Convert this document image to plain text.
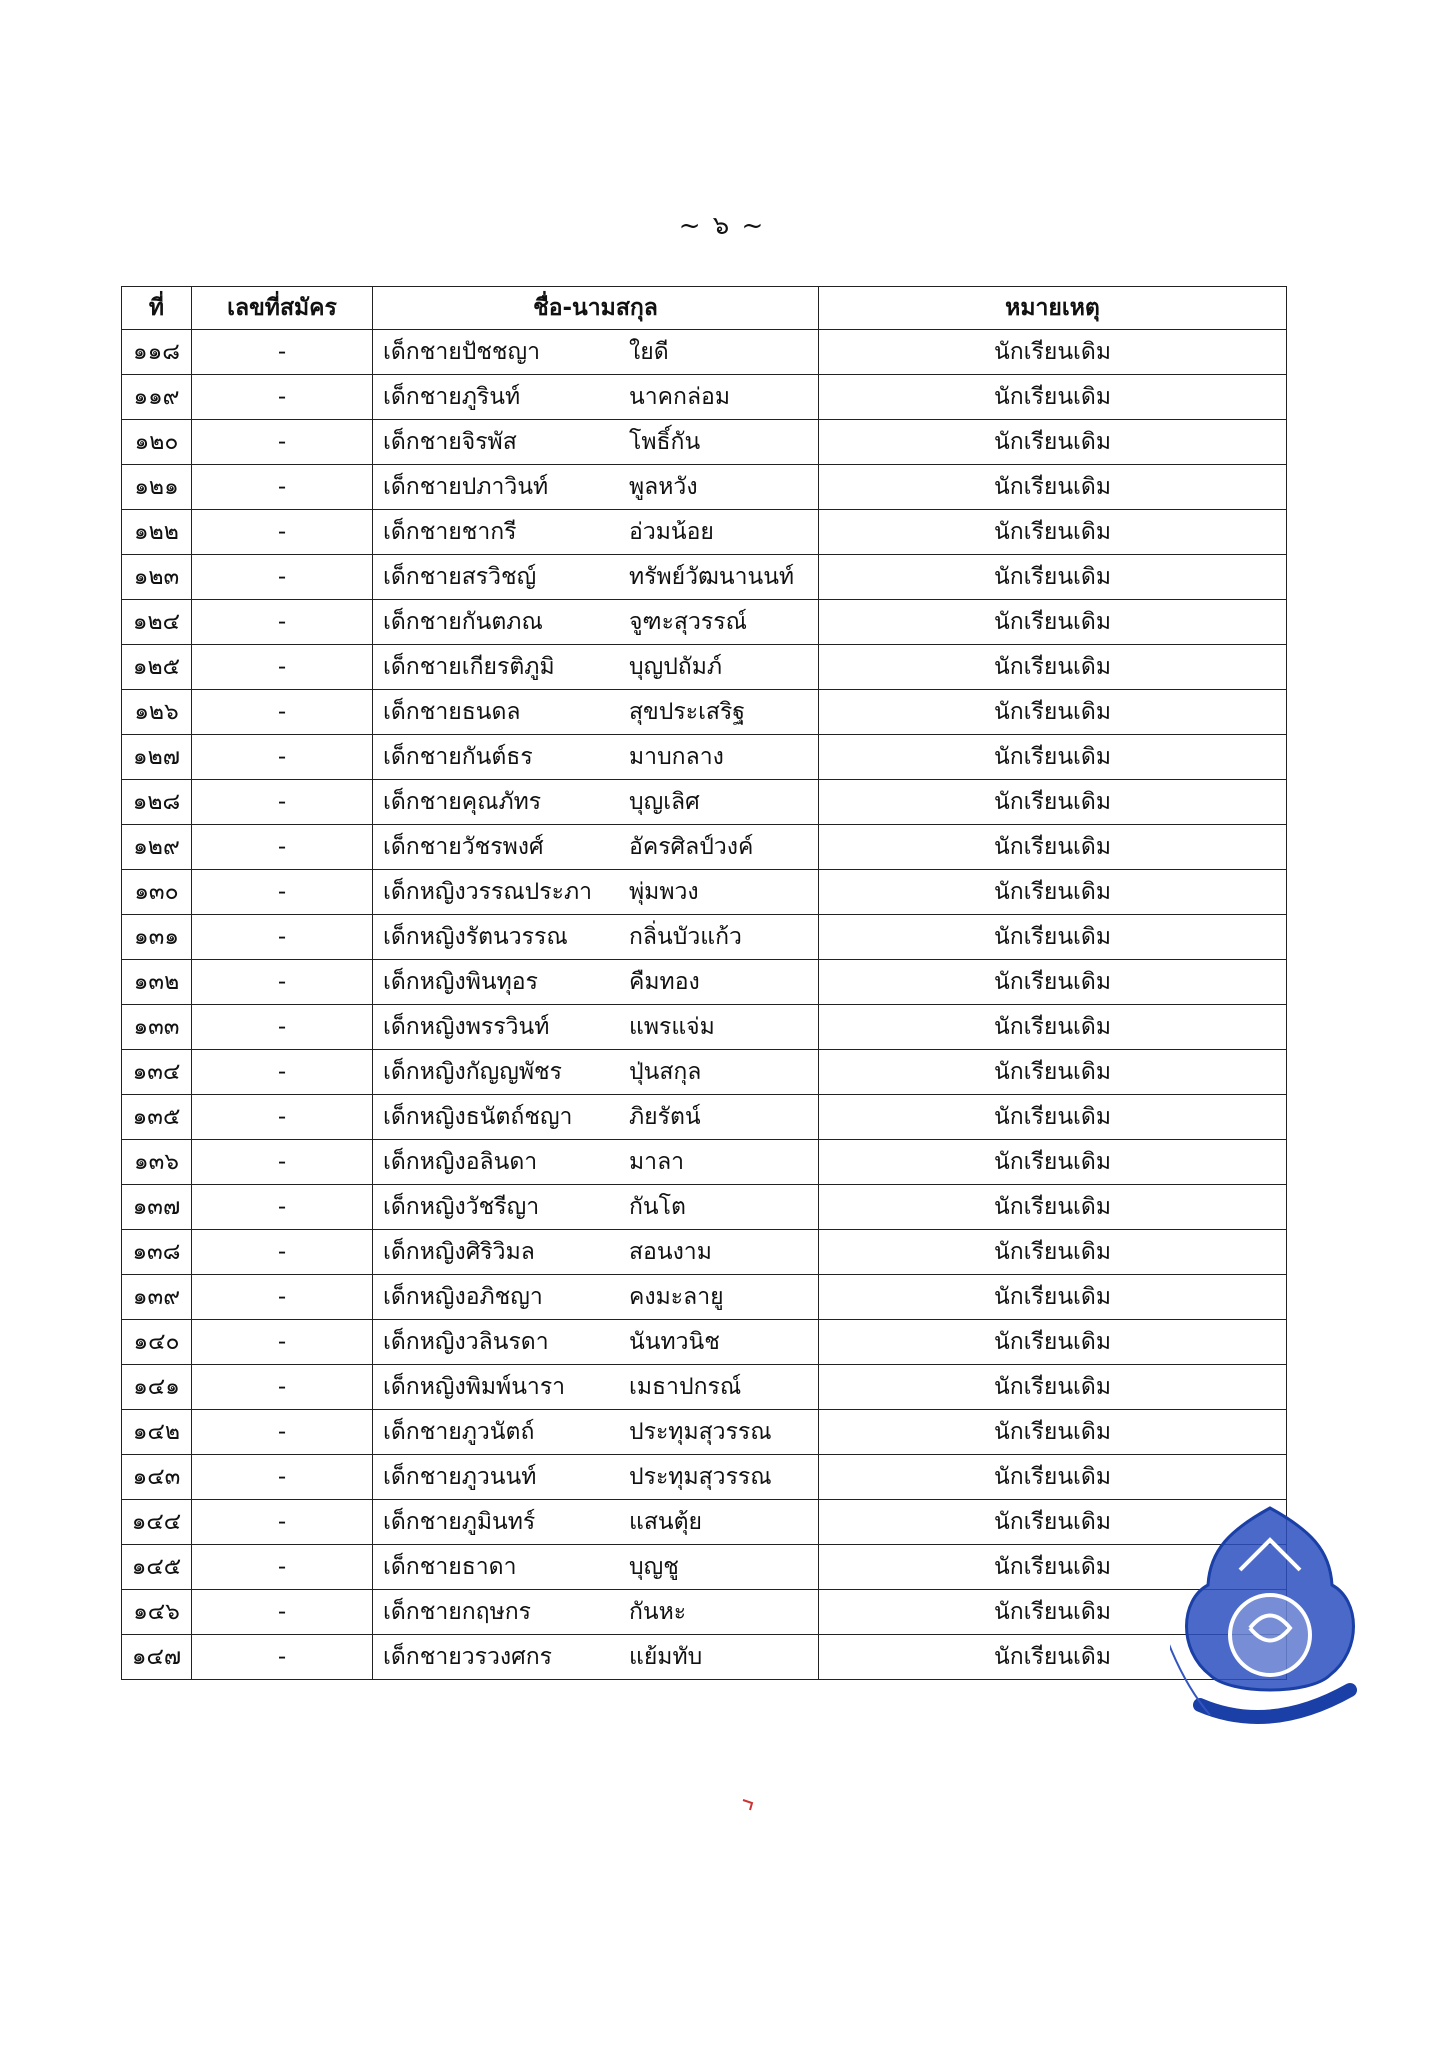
~ ๖ ~
ที่	เลขที่สมัคร	ชื่อ-นามสกุล	หมายเหตุ
๑๑๘	-	เด็กชายปัชชญา ใยดี	นักเรียนเดิม
๑๑๙	-	เด็กชายภูรินท์ นาคกล่อม	นักเรียนเดิม
๑๒๐	-	เด็กชายจิรพัส โพธิ์กัน	นักเรียนเดิม
๑๒๑	-	เด็กชายปภาวินท์ พูลหวัง	นักเรียนเดิม
๑๒๒	-	เด็กชายชากรี อ่วมน้อย	นักเรียนเดิม
๑๒๓	-	เด็กชายสรวิชญ์ ทรัพย์วัฒนานนท์	นักเรียนเดิม
๑๒๔	-	เด็กชายกันตภณ จูฑะสุวรรณ์	นักเรียนเดิม
๑๒๕	-	เด็กชายเกียรติภูมิ บุญปถัมภ์	นักเรียนเดิม
๑๒๖	-	เด็กชายธนดล สุขประเสริฐ	นักเรียนเดิม
๑๒๗	-	เด็กชายกันต์ธร มาบกลาง	นักเรียนเดิม
๑๒๘	-	เด็กชายคุณภัทร บุญเลิศ	นักเรียนเดิม
๑๒๙	-	เด็กชายวัชรพงศ์ อัครศิลป์วงค์	นักเรียนเดิม
๑๓๐	-	เด็กหญิงวรรณประภา พุ่มพวง	นักเรียนเดิม
๑๓๑	-	เด็กหญิงรัตนวรรณ กลิ่นบัวแก้ว	นักเรียนเดิม
๑๓๒	-	เด็กหญิงพินทุอร คืมทอง	นักเรียนเดิม
๑๓๓	-	เด็กหญิงพรรวินท์ แพรแจ่ม	นักเรียนเดิม
๑๓๔	-	เด็กหญิงกัญญพัชร ปุ่นสกุล	นักเรียนเดิม
๑๓๕	-	เด็กหญิงธนัตถ์ชญา ภิยรัตน์	นักเรียนเดิม
๑๓๖	-	เด็กหญิงอลินดา มาลา	นักเรียนเดิม
๑๓๗	-	เด็กหญิงวัชรีญา กันโต	นักเรียนเดิม
๑๓๘	-	เด็กหญิงศิริวิมล สอนงาม	นักเรียนเดิม
๑๓๙	-	เด็กหญิงอภิชญา คงมะลายู	นักเรียนเดิม
๑๔๐	-	เด็กหญิงวลินรดา นันทวนิช	นักเรียนเดิม
๑๔๑	-	เด็กหญิงพิมพ์นารา เมธาปกรณ์	นักเรียนเดิม
๑๔๒	-	เด็กชายภูวนัตถ์ ประทุมสุวรรณ	นักเรียนเดิม
๑๔๓	-	เด็กชายภูวนนท์ ประทุมสุวรรณ	นักเรียนเดิม
๑๔๔	-	เด็กชายภูมินทร์ แสนตุ้ย	นักเรียนเดิม
๑๔๕	-	เด็กชายธาดา บุญชู	นักเรียนเดิม
๑๔๖	-	เด็กชายกฤษกร กันหะ	นักเรียนเดิม
๑๔๗	-	เด็กชายวรวงศกร แย้มทับ	นักเรียนเดิม
